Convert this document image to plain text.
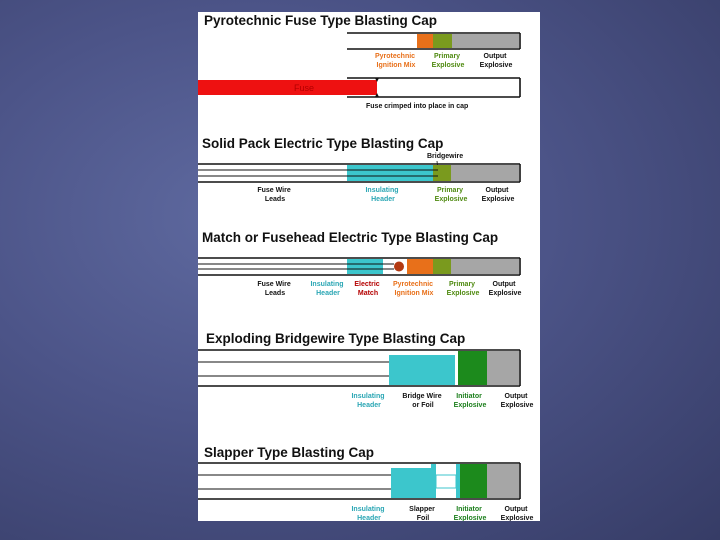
Pyrotechnic Fuse Type Blasting Cap
Pyrotechnic Ignition Mix
Primary Explosive
Output Explosive
Fuse
Fuse crimped into place in cap
Solid Pack Electric Type Blasting Cap
Bridgewire
Fuse Wire Leads
Insulating Header
Primary Explosive
Output Explosive
Match or Fusehead Electric Type Blasting Cap
Fuse Wire Leads
Insulating Header
Electric Match
Pyrotechnic Ignition Mix
Primary Explosive
Output Explosive
Exploding Bridgewire Type Blasting Cap
Insulating Header
Bridge Wire or Foil
Initiator Explosive
Output Explosive
Slapper Type Blasting Cap
Insulating Header
Slapper Foil
Initiator Explosive
Output Explosive
